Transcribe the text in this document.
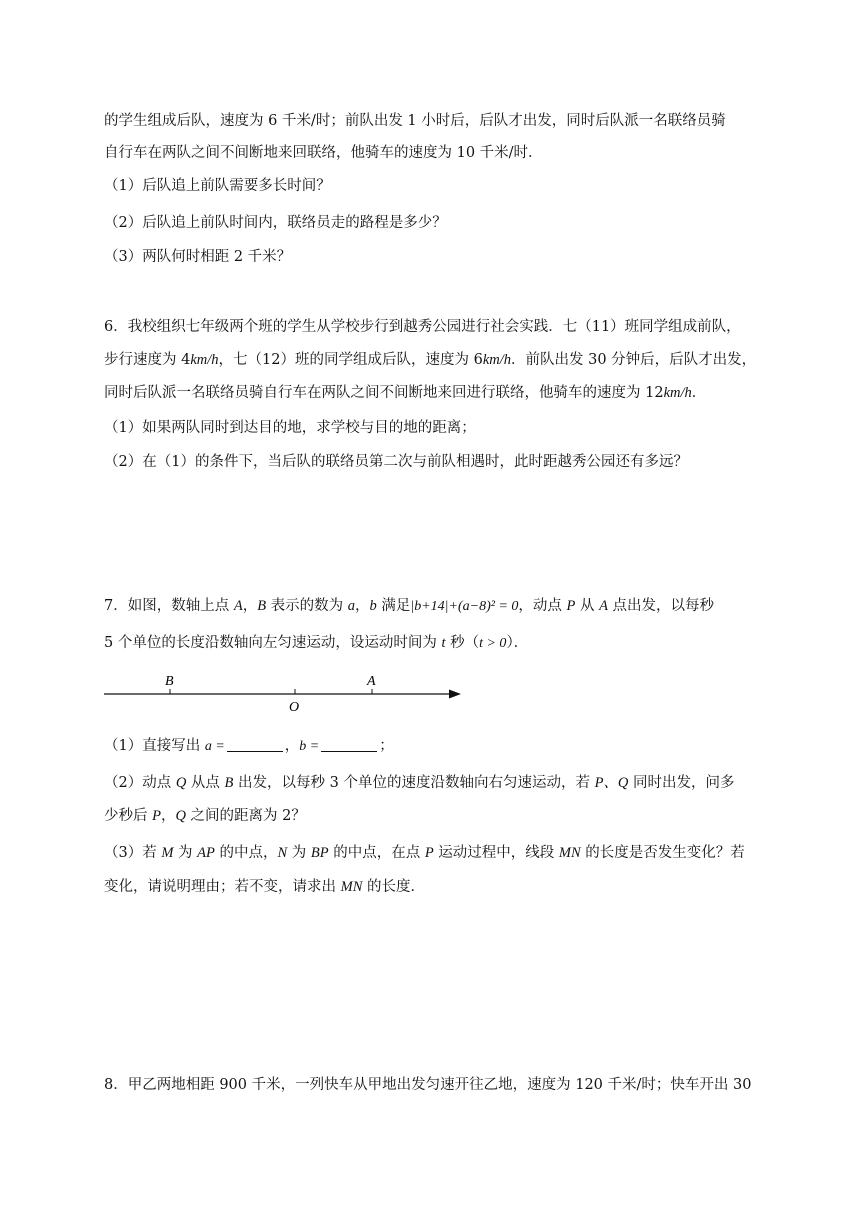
的学生组成后队，速度为 6 千米/时；前队出发 1 小时后，后队才出发，同时后队派一名联络员骑
自行车在两队之间不间断地来回联络，他骑车的速度为 10 千米/时．
（1）后队追上前队需要多长时间？
（2）后队追上前队时间内，联络员走的路程是多少？
（3）两队何时相距 2 千米？
6．我校组织七年级两个班的学生从学校步行到越秀公园进行社会实践．七（11）班同学组成前队，
步行速度为 4km/h，七（12）班的同学组成后队，速度为 6km/h．前队出发 30 分钟后，后队才出发，
同时后队派一名联络员骑自行车在两队之间不间断地来回进行联络，他骑车的速度为 12km/h．
（1）如果两队同时到达目的地，求学校与目的地的距离；
（2）在（1）的条件下，当后队的联络员第二次与前队相遇时，此时距越秀公园还有多远？
7．如图，数轴上点 A，B 表示的数为 a，b 满足|b+14|+(a−8)² = 0，动点 P 从 A 点出发，以每秒
5 个单位的长度沿数轴向左匀速运动，设运动时间为 t 秒（t > 0）．
B
O
A
（1）直接写出 a =	，b =	；
（2）动点 Q 从点 B 出发，以每秒 3 个单位的速度沿数轴向右匀速运动，若 P、Q 同时出发，问多
少秒后 P，Q 之间的距离为 2？
（3）若 M 为 AP 的中点，N 为 BP 的中点，在点 P 运动过程中，线段 MN 的长度是否发生变化？若
变化，请说明理由；若不变，请求出 MN 的长度．
8．甲乙两地相距 900 千米，一列快车从甲地出发匀速开往乙地，速度为 120 千米/时；快车开出 30
